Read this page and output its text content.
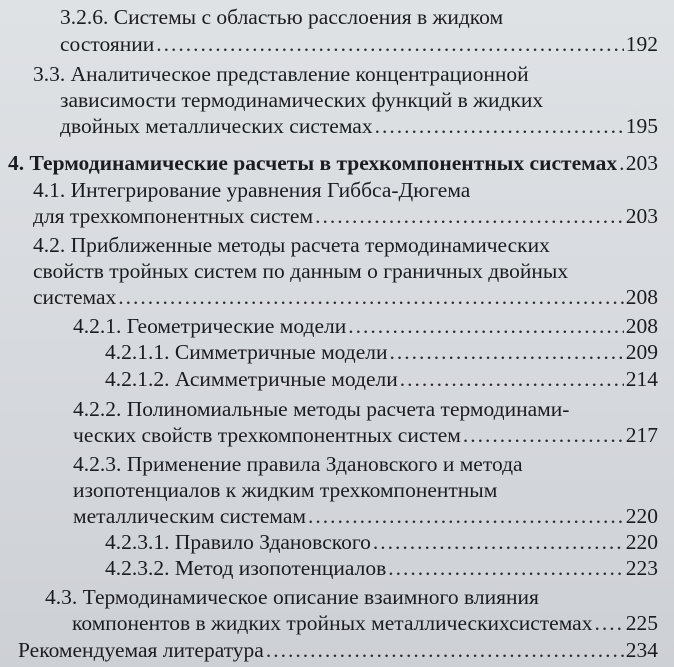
3.2.6. Системы с областью расслоения в жидком
состоянии .....	192
3.3. Аналитическое представление концентрационной
зависимости термодинамических функций в жидких
двойных металлических системах .....	195
4. Термодинамические расчеты в трехкомпонентных системах ..... 203
4.1. Интегрирование уравнения Гиббса-Дюгема
для трехкомпонентных систем .....	203
4.2. Приближенные методы расчета термодинамических
свойств тройных систем по данным о граничных двойных
системах .....	208
4.2.1. Геометрические модели .....	208
4.2.1.1. Симметричные модели .....	209
4.2.1.2. Асимметричные модели .....	214
4.2.2. Полиномиальные методы расчета термодинами-
ческих свойств трехкомпонентных систем .....	217
4.2.3. Применение правила Здановского и метода
изопотенциалов к жидким трехкомпонентным
металлическим системам .....	220
4.2.3.1. Правило Здановского .....	220
4.2.3.2. Метод изопотенциалов .....	223
4.3. Термодинамическое описание взаимного влияния
компонентов в жидких тройных металлическихсистемах ..... 225
Рекомендуемая литература .....	234
